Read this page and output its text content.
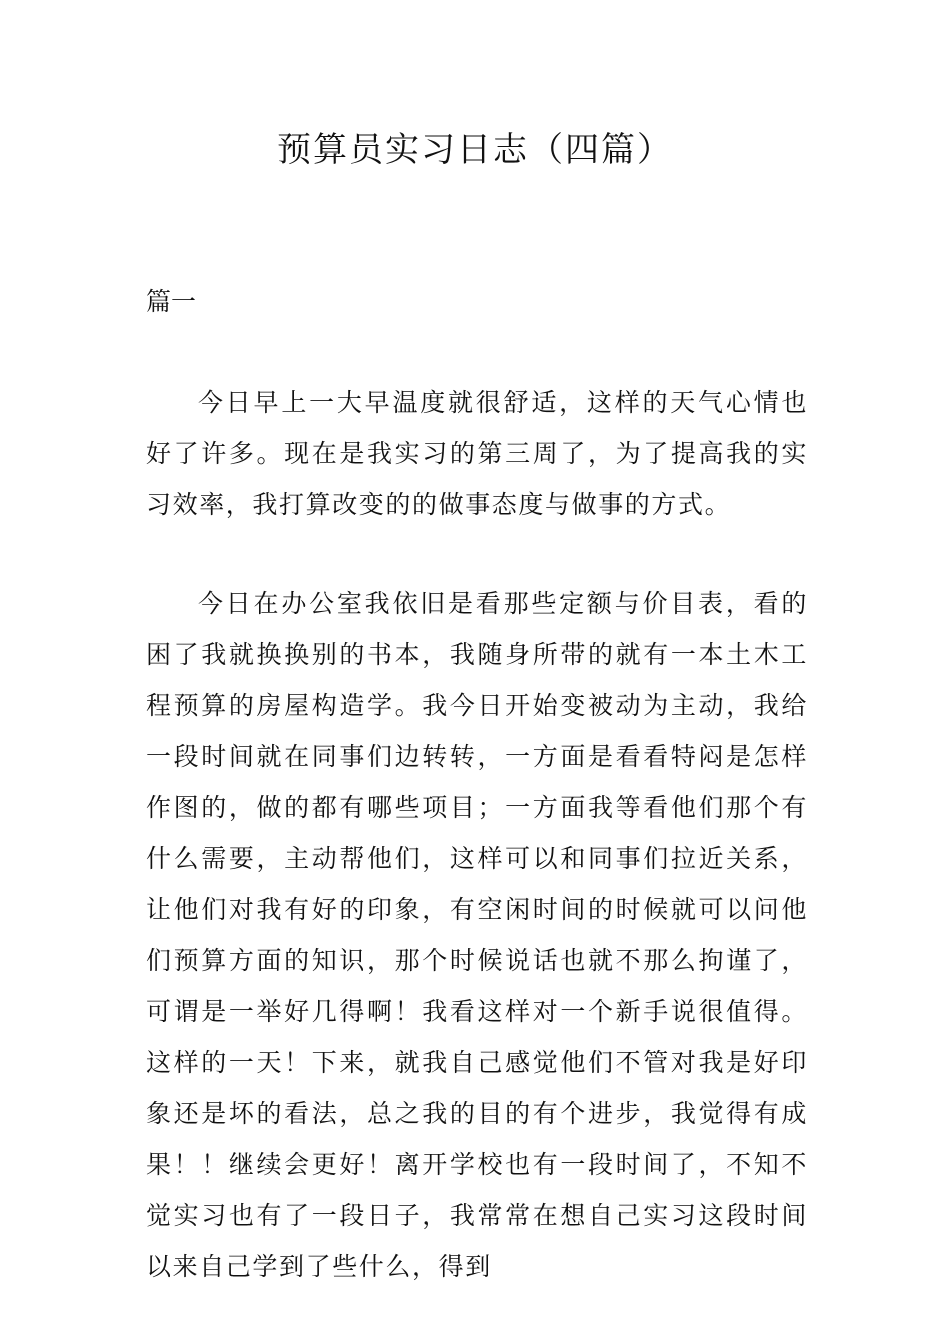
预算员实习日志（四篇）
篇一

今日早上一大早温度就很舒适，这样的天气心情也好了许多。现在是我实习的第三周了，为了提高我的实习效率，我打算改变的的做事态度与做事的方式。

今日在办公室我依旧是看那些定额与价目表，看的困了我就换换别的书本，我随身所带的就有一本土木工程预算的房屋构造学。我今日开始变被动为主动，我给一段时间就在同事们边转转，一方面是看看特闷是怎样作图的，做的都有哪些项目；一方面我等看他们那个有什么需要，主动帮他们，这样可以和同事们拉近关系，让他们对我有好的印象，有空闲时间的时候就可以问他们预算方面的知识，那个时候说话也就不那么拘谨了，可谓是一举好几得啊！我看这样对一个新手说很值得。这样的一天！下来，就我自己感觉他们不管对我是好印象还是坏的看法，总之我的目的有个进步，我觉得有成果！！继续会更好！离开学校也有一段时间了，不知不觉实习也有了一段日子，我常常在想自己实习这段时间以来自己学到了些什么，得到
